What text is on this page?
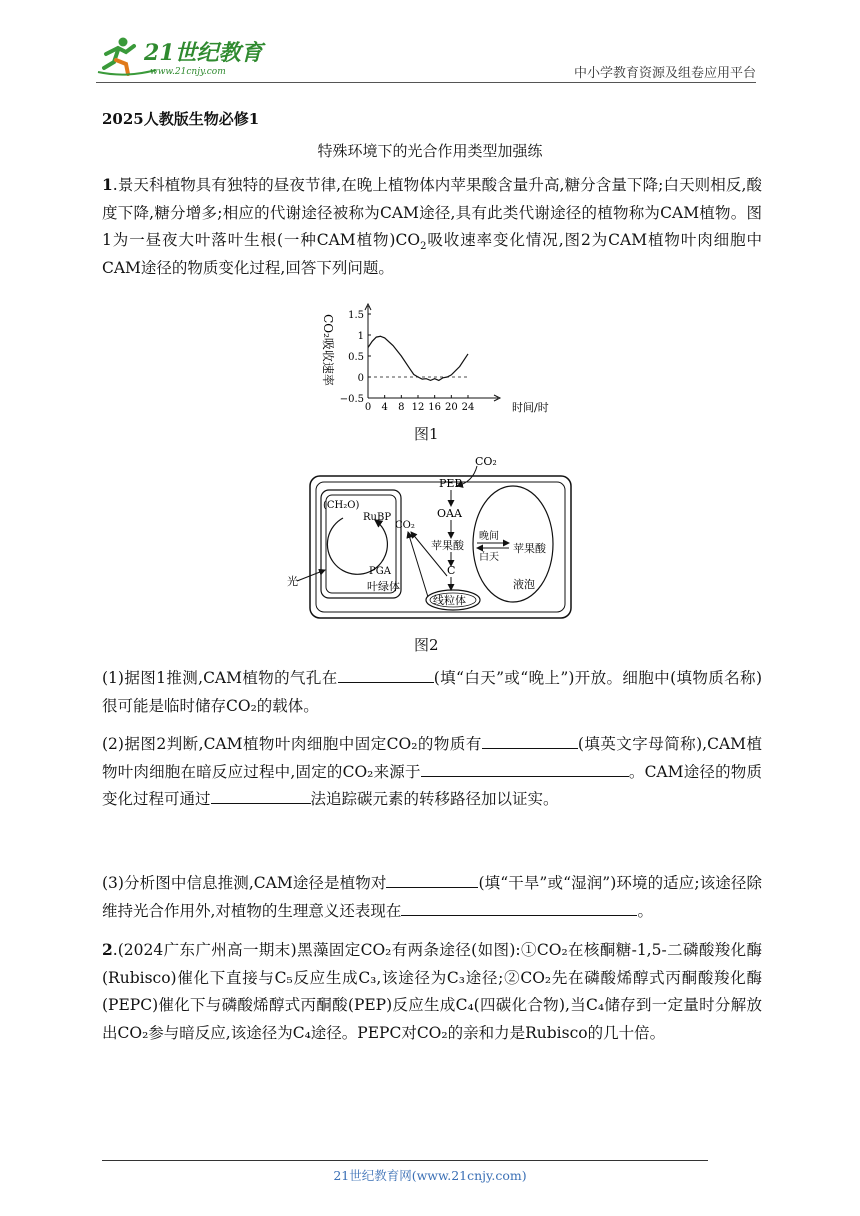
21世纪教育
www.21cnjy.com	中小学教育资源及组卷应用平台
2025人教版生物必修1
特殊环境下的光合作用类型加强练
1.景天科植物具有独特的昼夜节律,在晚上植物体内苹果酸含量升高,糖分含量下降;白天则相反,酸度下降,糖分增多;相应的代谢途径被称为CAM途径,具有此类代谢途径的植物称为CAM植物。图1为一昼夜大叶落叶生根(一种CAM植物)$CO_2$吸收速率变化情况,图2为CAM植物叶肉细胞中CAM途径的物质变化过程,回答下列问题。
CO₂吸收速率
时间/时
1.5
1
0.5
0
−0.5
0 4 8 12 16 20 24
图1
CO₂
PEP
OAA
苹果酸
晚间
白天
苹果酸
C
线粒体
液泡
(CH₂O)
RuBP
CO₂
PGA
叶绿体
光
图2
(1)据图1推测,CAM植物的气孔在	(填“白天”或“晚上”)开放。细胞中(填物质名称)很可能是临时储存CO₂的载体。
(2)据图2判断,CAM植物叶肉细胞中固定CO₂的物质有	(填英文字母简称),CAM植物叶肉细胞在暗反应过程中,固定的CO₂来源于	。CAM途径的物质变化过程可通过	法追踪碳元素的转移路径加以证实。
(3)分析图中信息推测,CAM途径是植物对	(填“干旱”或“湿润”)环境的适应;该途径除维持光合作用外,对植物的生理意义还表现在	。
2.(2024广东广州高一期末)黑藻固定CO₂有两条途径(如图):①CO₂在核酮糖-1,5-二磷酸羧化酶(Rubisco)催化下直接与C₅反应生成C₃,该途径为C₃途径;②CO₂先在磷酸烯醇式丙酮酸羧化酶(PEPC)催化下与磷酸烯醇式丙酮酸(PEP)反应生成C₄(四碳化合物),当C₄储存到一定量时分解放出CO₂参与暗反应,该途径为C₄途径。PEPC对CO₂的亲和力是Rubisco的几十倍。
21世纪教育网(www.21cnjy.com)
